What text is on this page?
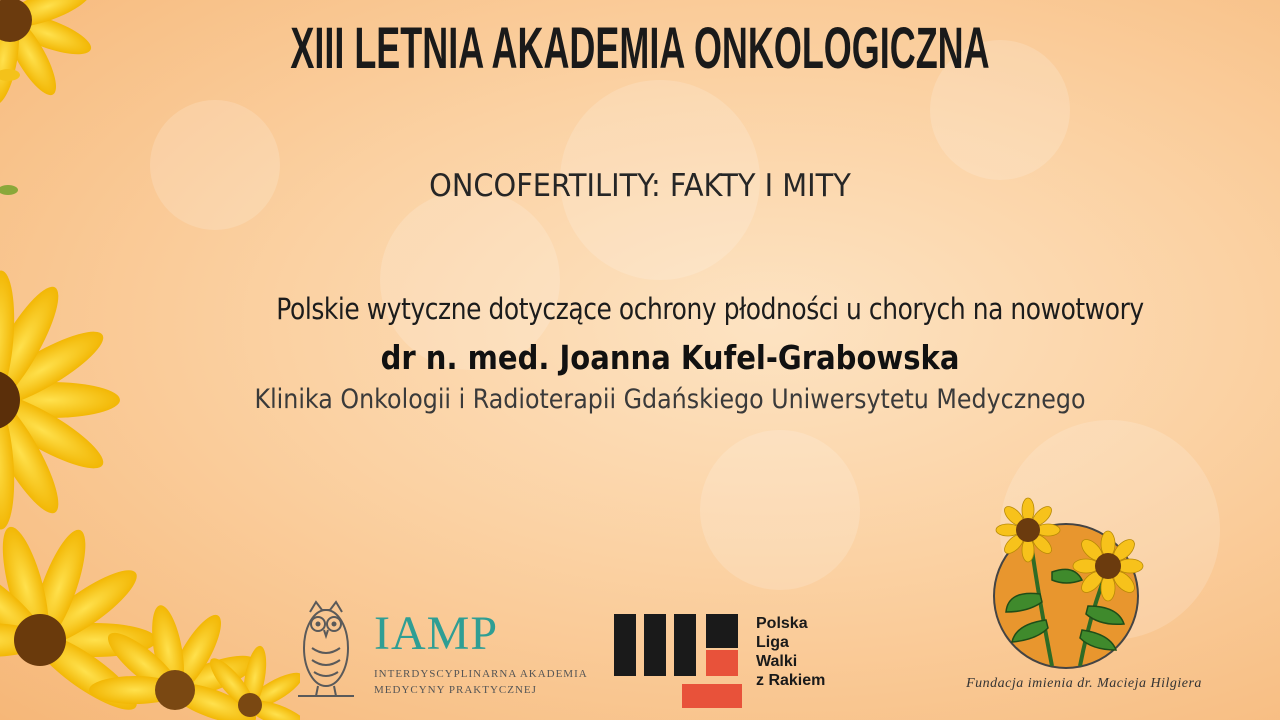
XIII LETNIA AKADEMIA ONKOLOGICZNA
ONCOFERTILITY: FAKTY I MITY
Polskie wytyczne dotyczące ochrony płodności u chorych na nowotwory
dr n. med. Joanna Kufel-Grabowska
Klinika Onkologii i Radioterapii Gdańskiego Uniwersytetu Medycznego
IAMP
INTERDYSCYPLINARNA AKADEMIA
MEDYCYNY PRAKTYCZNEJ
Polska
Liga
Walki
z Rakiem	Fundacja imienia dr. Macieja Hilgiera
